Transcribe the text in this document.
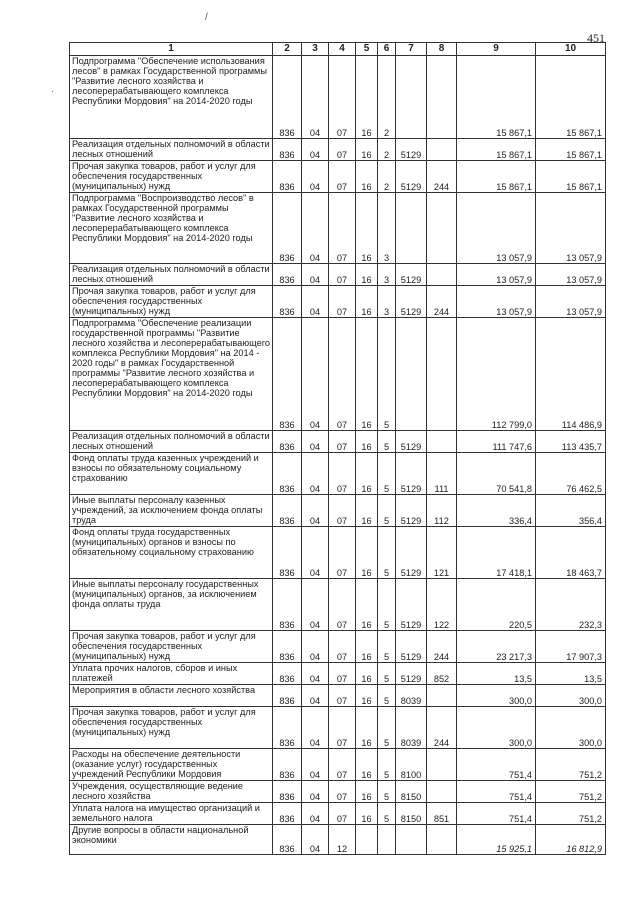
451
/
·
1	2	3	4	5	6	7	8	9	10
Подпрограмма "Обеспечение использования лесов" в рамках Государственной программы "Развитие лесного хозяйства и лесоперерабатывающего комплекса Республики Мордовия" на 2014-2020 годы	836	04	07	16	2			15 867,1	15 867,1
Реализация отдельных полномочий в области лесных отношений	836	04	07	16	2	5129		15 867,1	15 867,1
Прочая закупка товаров, работ и услуг для обеспечения государственных (муниципальных) нужд	836	04	07	16	2	5129	244	15 867,1	15 867,1
Подпрограмма "Воспроизводство лесов" в рамках Государственной программы "Развитие лесного хозяйства и лесоперерабатывающего комплекса Республики Мордовия" на 2014-2020 годы	836	04	07	16	3			13 057,9	13 057,9
Реализация отдельных полномочий в области лесных отношений	836	04	07	16	3	5129		13 057,9	13 057,9
Прочая закупка товаров, работ и услуг для обеспечения государственных (муниципальных) нужд	836	04	07	16	3	5129	244	13 057,9	13 057,9
Подпрограмма "Обеспечение реализации государственной программы "Развитие лесного хозяйства и лесоперерабатывающего комплекса Республики Мордовия" на 2014 - 2020 годы" в рамках Государственной программы "Развитие лесного хозяйства и лесоперерабатывающего комплекса Республики Мордовия" на 2014-2020 годы	836	04	07	16	5			112 799,0	114 486,9
Реализация отдельных полномочий в области лесных отношений	836	04	07	16	5	5129		111 747,6	113 435,7
Фонд оплаты труда казенных учреждений и взносы по обязательному социальному страхованию	836	04	07	16	5	5129	111	70 541,8	76 462,5
Иные выплаты персоналу казенных учреждений, за исключением фонда оплаты труда	836	04	07	16	5	5129	112	336,4	356,4
Фонд оплаты труда государственных (муниципальных) органов и взносы по обязательному социальному страхованию	836	04	07	16	5	5129	121	17 418,1	18 463,7
Иные выплаты персоналу государственных (муниципальных) органов, за исключением фонда оплаты труда	836	04	07	16	5	5129	122	220,5	232,3
Прочая закупка товаров, работ и услуг для обеспечения государственных (муниципальных) нужд	836	04	07	16	5	5129	244	23 217,3	17 907,3
Уплата прочих налогов, сборов и иных платежей	836	04	07	16	5	5129	852	13,5	13,5
Мероприятия в области лесного хозяйства	836	04	07	16	5	8039		300,0	300,0
Прочая закупка товаров, работ и услуг для обеспечения государственных (муниципальных) нужд	836	04	07	16	5	8039	244	300,0	300,0
Расходы на обеспечение деятельности (оказание услуг) государственных учреждений Республики Мордовия	836	04	07	16	5	8100		751,4	751,2
Учреждения, осуществляющие ведение лесного хозяйства	836	04	07	16	5	8150		751,4	751,2
Уплата налога на имущество организаций и земельного налога	836	04	07	16	5	8150	851	751,4	751,2
Другие вопросы в области национальной экономики	836	04	12					15 925,1	16 812,9
